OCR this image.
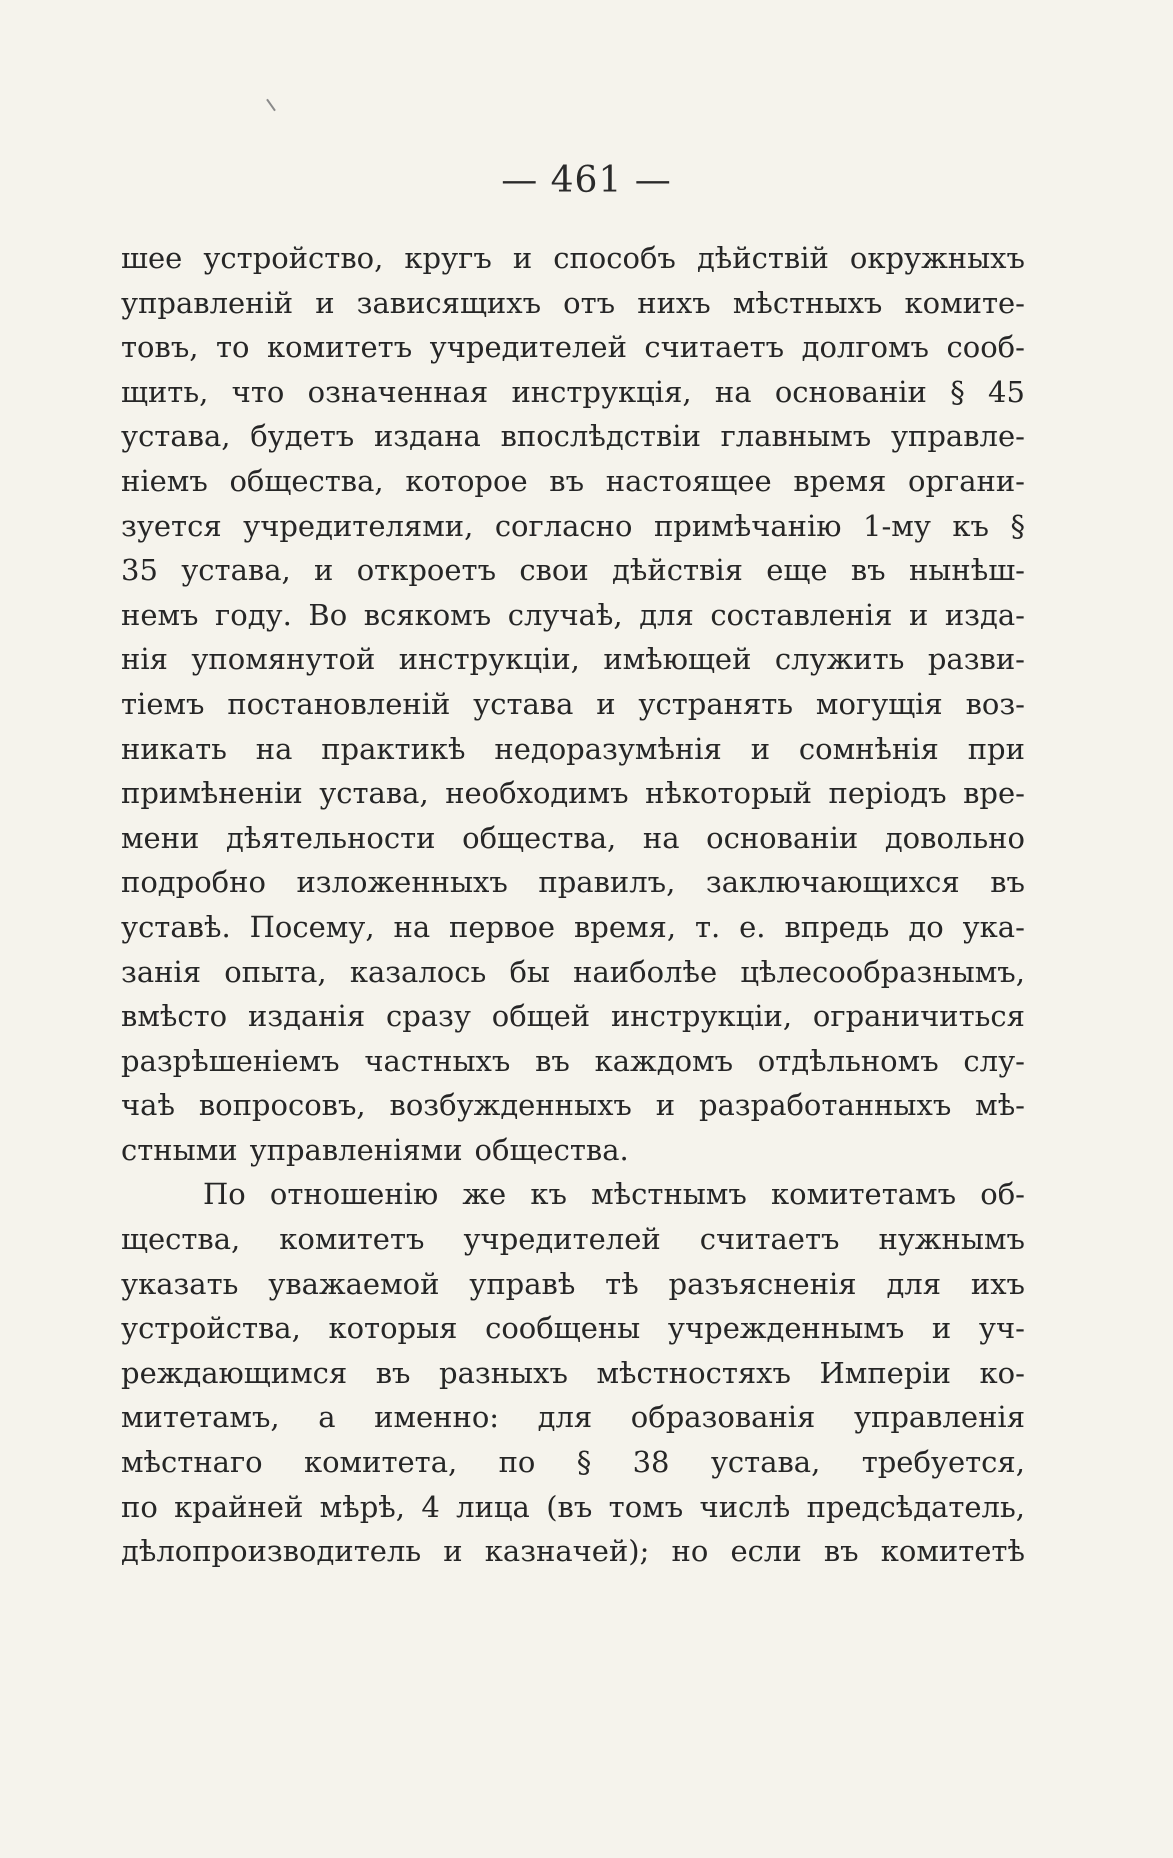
— 461 —
шее устройство, кругъ и способъ дѣйствій окружныхъ
управленій и зависящихъ отъ нихъ мѣстныхъ комите-
товъ, то комитетъ учредителей считаетъ долгомъ сооб-
щить, что означенная инструкція, на основаніи § 45
устава, будетъ издана впослѣдствіи главнымъ управле-
ніемъ общества, которое въ настоящее время органи-
зуется учредителями, согласно примѣчанію 1-му къ §
35 устава, и откроетъ свои дѣйствія еще въ нынѣш-
немъ году. Во всякомъ случаѣ, для составленія и изда-
нія упомянутой инструкціи, имѣющей служить разви-
тіемъ постановленій устава и устранять могущія воз-
никать на практикѣ недоразумѣнія и сомнѣнія при
примѣненіи устава, необходимъ нѣкоторый періодъ вре-
мени дѣятельности общества, на основаніи довольно
подробно изложенныхъ правилъ, заключающихся въ
уставѣ. Посему, на первое время, т. е. впредь до ука-
занія опыта, казалось бы наиболѣе цѣлесообразнымъ,
вмѣсто изданія сразу общей инструкціи, ограничиться
разрѣшеніемъ частныхъ въ каждомъ отдѣльномъ слу-
чаѣ вопросовъ, возбужденныхъ и разработанныхъ мѣ-
стными управленіями общества.
По отношенію же къ мѣстнымъ комитетамъ об-
щества, комитетъ учредителей считаетъ нужнымъ
указать уважаемой управѣ тѣ разъясненія для ихъ
устройства, которыя сообщены учрежденнымъ и уч-
реждающимся въ разныхъ мѣстностяхъ Имперіи ко-
митетамъ, а именно: для образованія управленія
мѣстнаго комитета, по § 38 устава, требуется,
по крайней мѣрѣ, 4 лица (въ томъ числѣ предсѣдатель,
дѣлопроизводитель и казначей); но если въ комитетѣ
